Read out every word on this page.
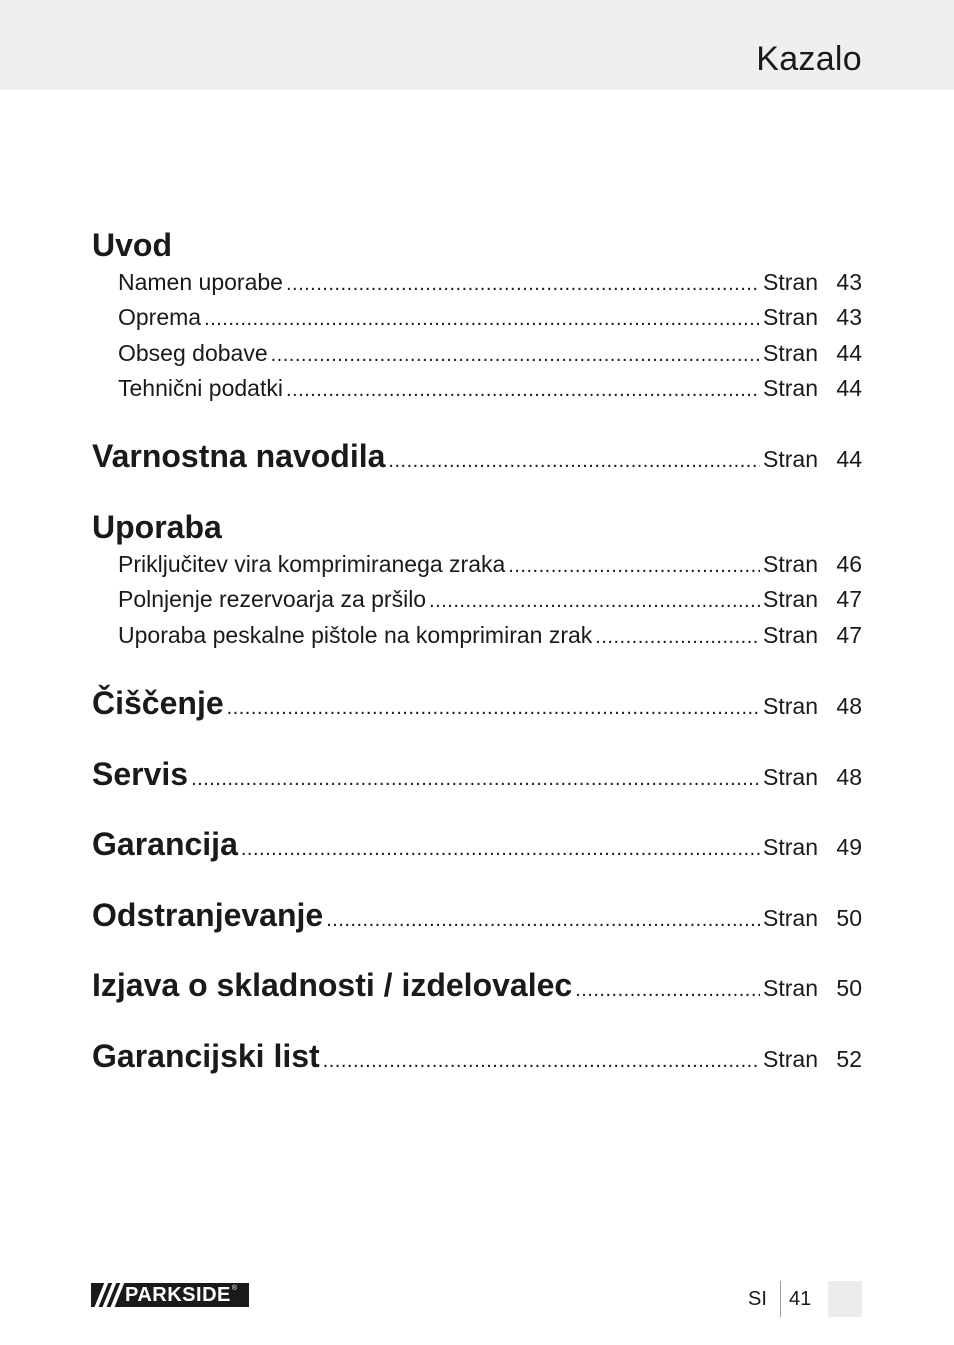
Kazalo
Uvod
Namen uporabe .....	Stran 43
Oprema .....	Stran 43
Obseg dobave .....	Stran 44
Tehnični podatki .....	Stran 44
Varnostna navodila .....	Stran 44
Uporaba
Priključitev vira komprimiranega zraka .....	Stran 46
Polnjenje rezervoarja za pršilo .....	Stran 47
Uporaba peskalne pištole na komprimiran zrak .....	Stran 47
Čiščenje .....	Stran 48
Servis .....	Stran 48
Garancija .....	Stran 49
Odstranjevanje .....	Stran 50
Izjava o skladnosti / izdelovalec .....	Stran 50
Garancijski list .....	Stran 52
PARKSIDE ®	SI 41
